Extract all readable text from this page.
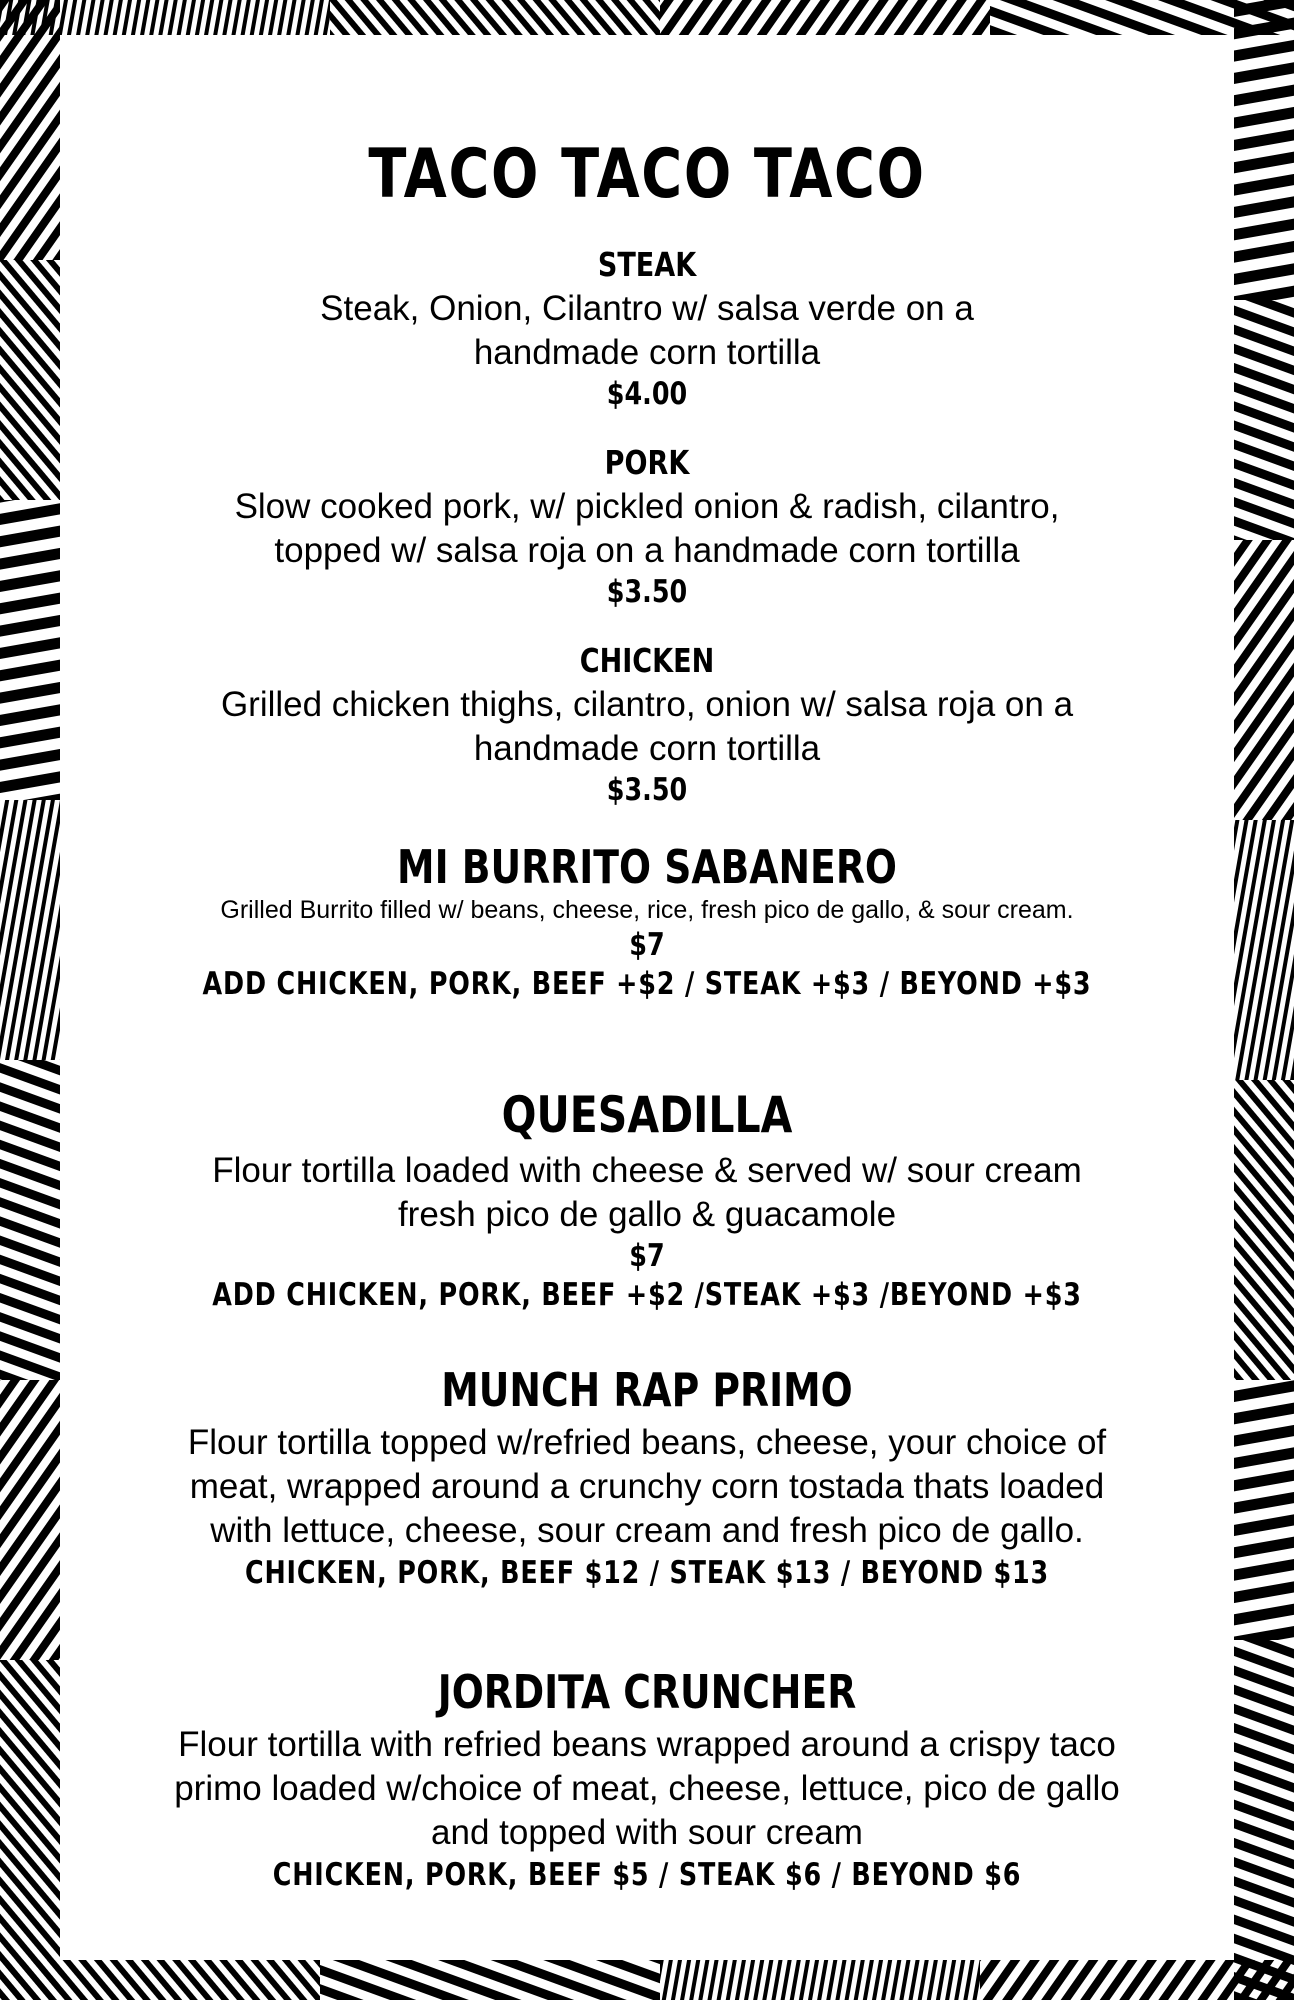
TACO TACO TACO
STEAK

Steak, Onion, Cilantro w/ salsa verde on a

handmade corn tortilla

$4.00
PORK

Slow cooked pork, w/ pickled onion & radish, cilantro,

topped w/ salsa roja on a handmade corn tortilla

$3.50
CHICKEN

Grilled chicken thighs, cilantro, onion w/ salsa roja on a

handmade corn tortilla

$3.50
MI BURRITO SABANERO

Grilled Burrito filled w/ beans, cheese, rice, fresh pico de gallo, & sour cream.

$7
ADD CHICKEN, PORK, BEEF +$2 / STEAK +$3 / BEYOND +$3
QUESADILLA

Flour tortilla loaded with cheese & served w/ sour cream

fresh pico de gallo & guacamole

$7
ADD CHICKEN, PORK, BEEF +$2 /STEAK +$3 /BEYOND +$3
MUNCH RAP PRIMO

Flour tortilla topped w/refried beans, cheese, your choice of

meat, wrapped around a crunchy corn tostada thats loaded

with lettuce, cheese, sour cream and fresh pico de gallo.

CHICKEN, PORK, BEEF $12 / STEAK $13 / BEYOND $13
JORDITA CRUNCHER

Flour tortilla with refried beans wrapped around a crispy taco

primo loaded w/choice of meat, cheese, lettuce, pico de gallo

and topped with sour cream

CHICKEN, PORK, BEEF $5 / STEAK $6 / BEYOND $6
